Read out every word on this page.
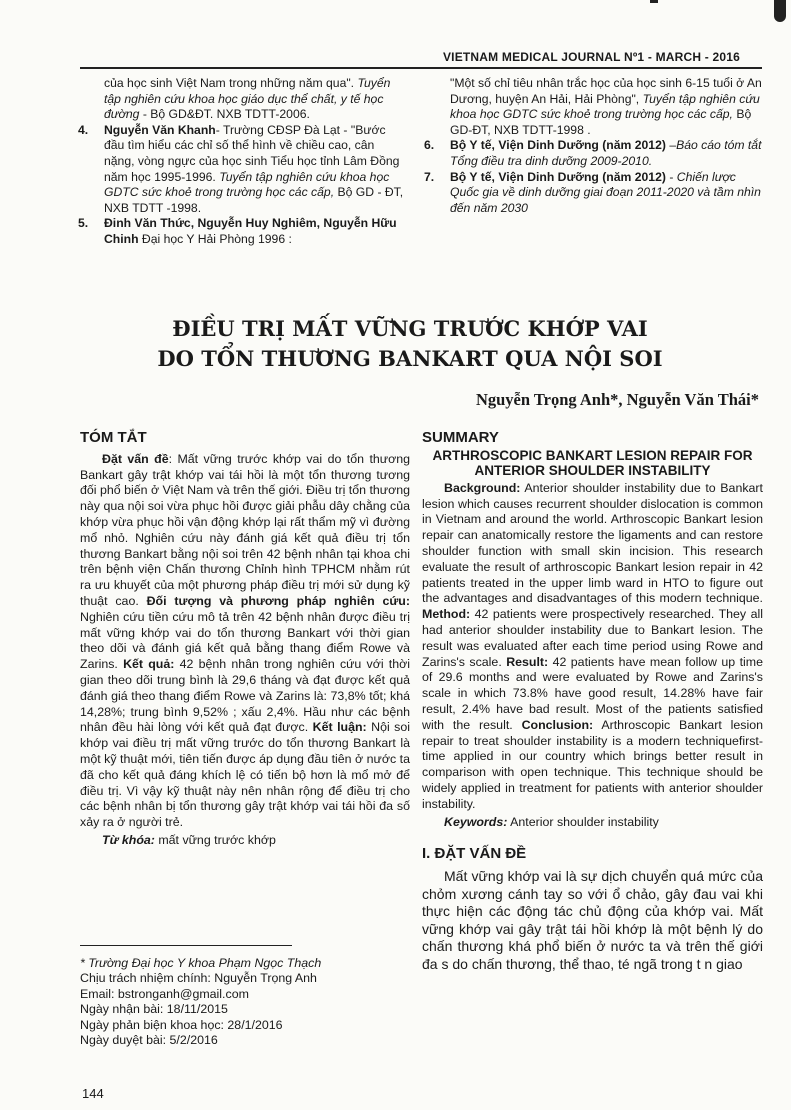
VIETNAM MEDICAL JOURNAL Nº1 - MARCH - 2016
của học sinh Việt Nam trong những năm qua". Tuyển tập nghiên cứu khoa học giáo dục thể chất, y tế học đường - Bộ GD&ĐT. NXB TDTT-2006.
4. Nguyễn Văn Khanh- Trường CĐSP Đà Lạt - "Bước đầu tìm hiểu các chỉ số thể hình về chiều cao, cân nặng, vòng ngực của học sinh Tiểu học tỉnh Lâm Đồng năm học 1995-1996. Tuyển tập nghiên cứu khoa học GDTC sức khoẻ trong trường học các cấp, Bộ GD - ĐT, NXB TDTT -1998.
5. Đinh Văn Thức, Nguyễn Huy Nghiêm, Nguyễn Hữu Chinh Đại học Y Hải Phòng 1996 :
"Một số chỉ tiêu nhân trắc học của học sinh 6-15 tuổi ở An Dương, huyện An Hải, Hải Phòng", Tuyển tập nghiên cứu khoa học GDTC sức khoẻ trong trường học các cấp, Bộ GD-ĐT, NXB TDTT-1998 .
6. Bộ Y tế, Viện Dinh Dưỡng (năm 2012) –Báo cáo tóm tắt Tổng điều tra dinh dưỡng 2009-2010.
7. Bộ Y tế, Viện Dinh Dưỡng (năm 2012) - Chiến lược Quốc gia về dinh dưỡng giai đoạn 2011-2020 và tầm nhìn đến năm 2030
ĐIỀU TRỊ MẤT VỮNG TRƯỚC KHỚP VAI
DO TỔN THƯƠNG BANKART QUA NỘI SOI
Nguyễn Trọng Anh*, Nguyễn Văn Thái*
TÓM TẮT

Đặt vấn đề: Mất vững trước khớp vai do tổn thương Bankart gây trật khớp vai tái hồi là một tổn thương tương đối phổ biến ở Việt Nam và trên thế giới. Điều trị tổn thương này qua nội soi vừa phục hồi được giải phẫu dây chằng của khớp vừa phục hồi vận động khớp lại rất thẩm mỹ vì đường mổ nhỏ. Nghiên cứu này đánh giá kết quả điều trị tổn thương Bankart bằng nội soi trên 42 bệnh nhân tại khoa chi trên bệnh viện Chấn thương Chỉnh hình TPHCM nhằm rút ra ưu khuyết của một phương pháp điều trị mới sử dụng kỹ thuật cao. Đối tượng và phương pháp nghiên cứu: Nghiên cứu tiền cứu mô tả trên 42 bệnh nhân được điều trị mất vững khớp vai do tổn thương Bankart với thời gian theo dõi và đánh giá kết quả bằng thang điểm Rowe và Zarins. Kết quả: 42 bệnh nhân trong nghiên cứu với thời gian theo dõi trung bình là 29,6 tháng và đạt được kết quả đánh giá theo thang điểm Rowe và Zarins là: 73,8% tốt; khá 14,28%; trung bình 9,52% ; xấu 2,4%. Hầu như các bệnh nhân đều hài lòng với kết quả đạt được. Kết luận: Nội soi khớp vai điều trị mất vững trước do tổn thương Bankart là một kỹ thuật mới, tiên tiến được áp dụng đầu tiên ở nước ta đã cho kết quả đáng khích lệ có tiến bộ hơn là mổ mở để điều trị. Vì vậy kỹ thuật này nên nhân rộng để điều trị cho các bệnh nhân bị tổn thương gây trật khớp vai tái hồi đa số xảy ra ở người trẻ.

Từ khóa: mất vững trước khớp

SUMMARY
ARTHROSCOPIC BANKART LESION REPAIR FOR ANTERIOR SHOULDER INSTABILITY

Background: Anterior shoulder instability due to Bankart lesion which causes recurrent shoulder dislocation is common in Vietnam and around the world. Arthroscopic Bankart lesion repair can anatomically restore the ligaments and can restore shoulder function with small skin incision. This research evaluate the result of arthroscopic Bankart lesion repair in 42 patients treated in the upper limb ward in HTO to figure out the advantages and disadvantages of this modern technique. Method: 42 patients were prospectively researched. They all had anterior shoulder instability due to Bankart lesion. The result was evaluated after each time period using Rowe and Zarins's scale. Result: 42 patients have mean follow up time of 29.6 months and were evaluated by Rowe and Zarins's scale in which 73.8% have good result, 14.28% have fair result, 2.4% have bad result. Most of the patients satisfied with the result. Conclusion: Arthroscopic Bankart lesion repair to treat shoulder instability is a modern techniquefirst-time applied in our country which brings better result in comparison with open technique. This technique should be widely applied in treatment for patients with anterior shoulder instability.

Keywords: Anterior shoulder instability

I. ĐẶT VẤN ĐỀ

Mất vững khớp vai là sự dịch chuyển quá mức của chỏm xương cánh tay so với ổ chảo, gây đau vai khi thực hiện các động tác chủ động của khớp vai. Mất vững khớp vai gây trật tái hồi khớp là một bệnh lý do chấn thương khá phổ biến ở nước ta và trên thế giới đa s do chấn thương, thể thao, té ngã trong t n giao

* Trường Đại học Y khoa Phạm Ngọc Thạch
Chịu trách nhiệm chính: Nguyễn Trọng Anh
Email: bstronganh@gmail.com
Ngày nhận bài: 18/11/2015
Ngày phản biện khoa học: 28/1/2016
Ngày duyệt bài: 5/2/2016
144
